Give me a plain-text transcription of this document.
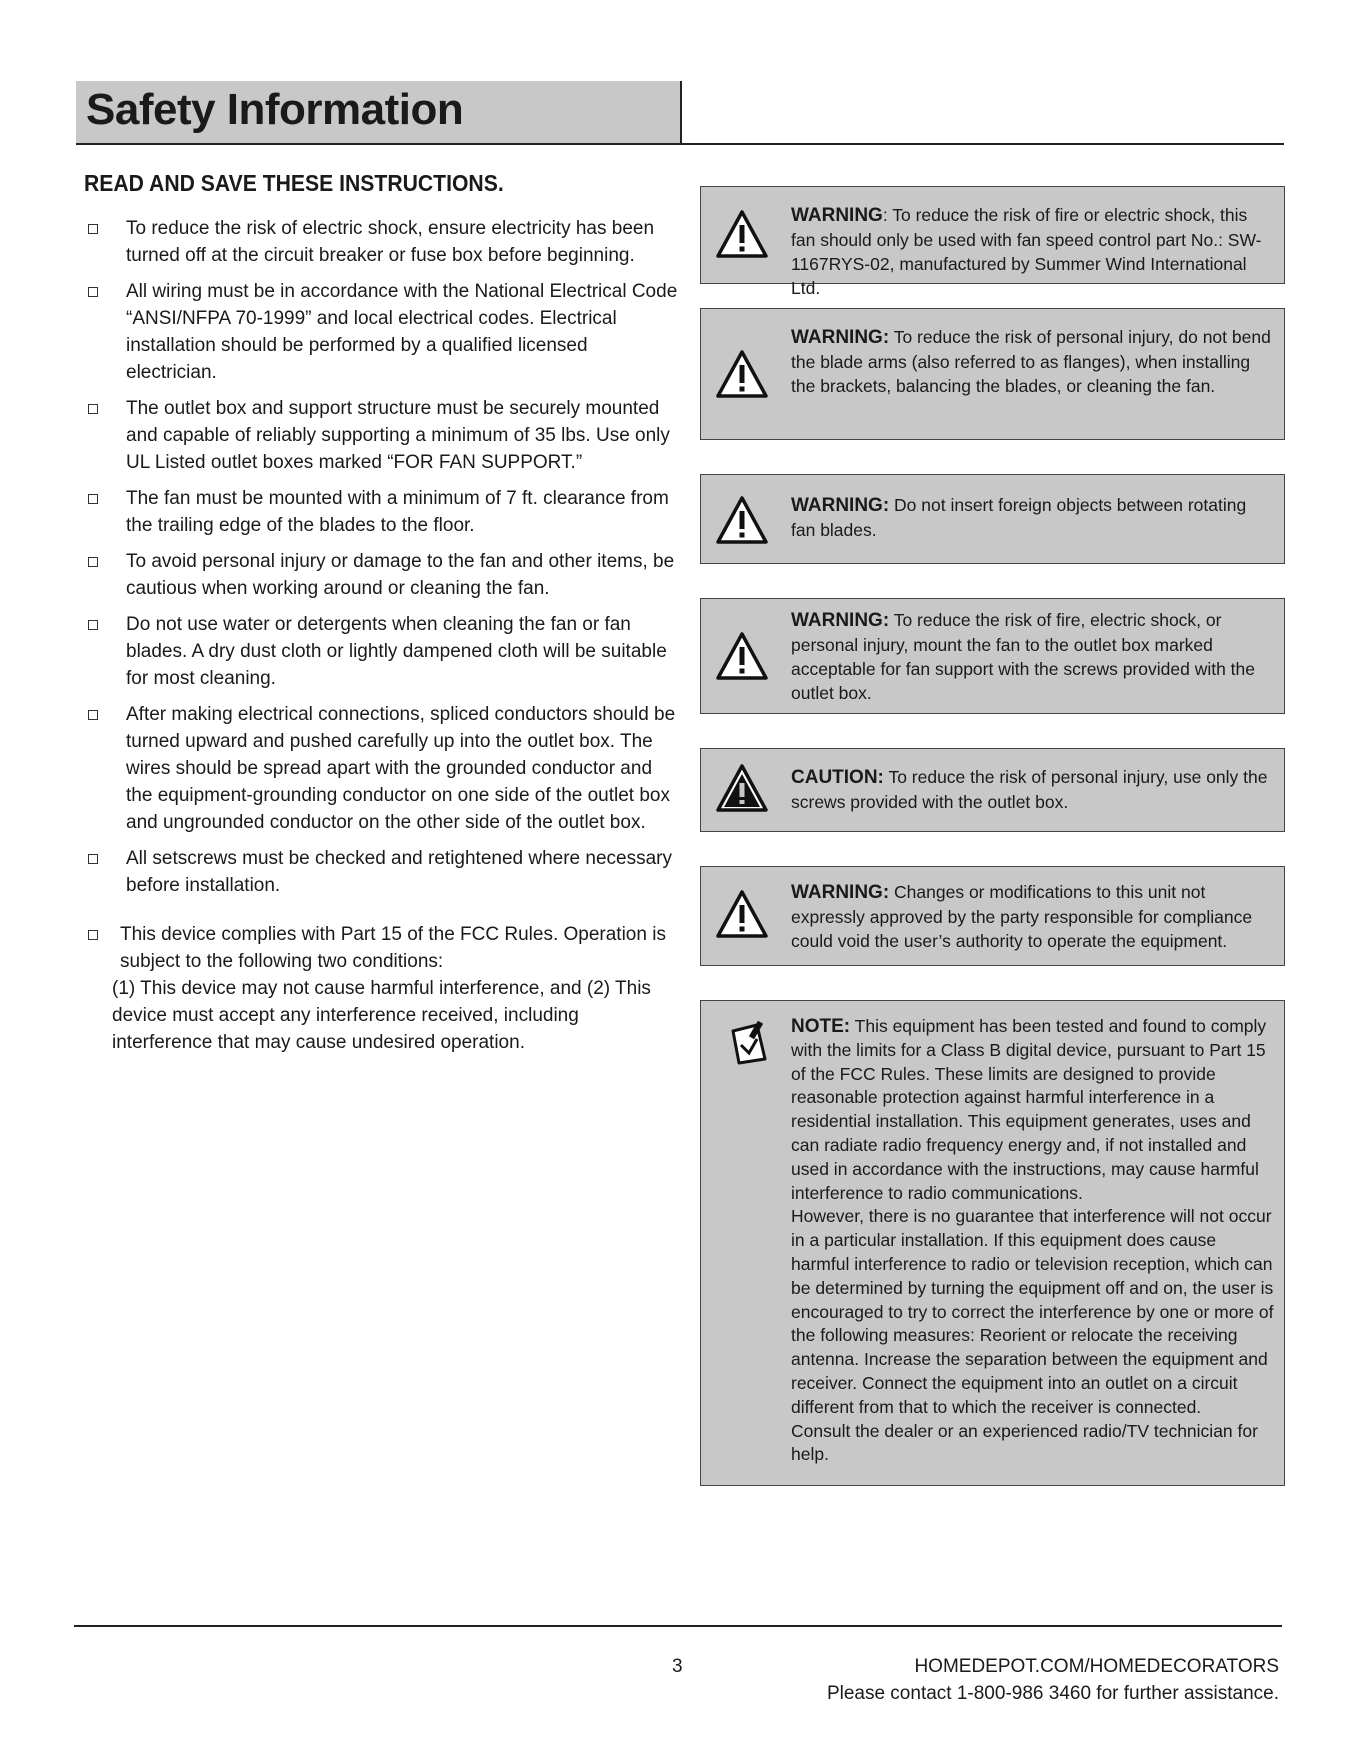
Safety Information
READ AND SAVE THESE INSTRUCTIONS.
To reduce the risk of electric shock, ensure electricity has been turned off at the circuit breaker or fuse box before beginning.
All wiring must be in accordance with the National Electrical Code “ANSI/NFPA 70-1999” and local electrical codes. Electrical installation should be performed by a qualified licensed electrician.
The outlet box and support structure must be securely mounted and capable of reliably supporting a minimum of 35 lbs. Use only UL Listed outlet boxes marked “FOR FAN SUPPORT.”
The fan must be mounted with a minimum of 7 ft. clearance from the trailing edge of the blades to the floor.
To avoid personal injury or damage to the fan and other items, be cautious when working around or cleaning the fan.
Do not use water or detergents when cleaning the fan or fan blades. A dry dust cloth or lightly dampened cloth will be suitable for most cleaning.
After making electrical connections, spliced conductors should be turned upward and pushed carefully up into the outlet box. The wires should be spread apart with the grounded conductor and the equipment-grounding conductor on one side of the outlet box and ungrounded conductor on the other side of the outlet box.
All setscrews must be checked and retightened where necessary before installation.
This device complies with Part 15 of the FCC Rules. Operation is subject to the following two conditions:
(1) This device may not cause harmful interference, and (2) This device must accept any interference received, including interference that may cause undesired operation.
WARNING: To reduce the risk of fire or electric shock, this fan should only be used with fan speed control part No.: SW-1167RYS-02, manufactured by Summer Wind International Ltd.
WARNING: To reduce the risk of personal injury, do not bend the blade arms (also referred to as flanges), when installing the brackets, balancing the blades, or cleaning the fan.
WARNING: Do not insert foreign objects between rotating fan blades.
WARNING: To reduce the risk of fire, electric shock, or personal injury, mount the fan to the outlet box marked acceptable for fan support with the screws provided with the outlet box.
CAUTION: To reduce the risk of personal injury, use only the screws provided with the outlet box.
WARNING: Changes or modifications to this unit not expressly approved by the party responsible for compliance could void the user’s authority to operate the equipment.
NOTE: This equipment has been tested and found to comply with the limits for a Class B digital device, pursuant to Part 15 of the FCC Rules. These limits are designed to provide reasonable protection against harmful interference in a residential installation. This equipment generates, uses and can radiate radio frequency energy and, if not installed and used in accordance with the instructions, may cause harmful interference to radio communications.
However, there is no guarantee that interference will not occur in a particular installation. If this equipment does cause harmful interference to radio or television reception, which can be determined by turning the equipment off and on, the user is encouraged to try to correct the interference by one or more of the following measures: Reorient or relocate the receiving antenna. Increase the separation between the equipment and receiver. Connect the equipment into an outlet on a circuit different from that to which the receiver is connected.
Consult the dealer or an experienced radio/TV technician for help.
3	HOMEDEPOT.COM/HOMEDECORATORS
Please contact 1-800-986 3460 for further assistance.
